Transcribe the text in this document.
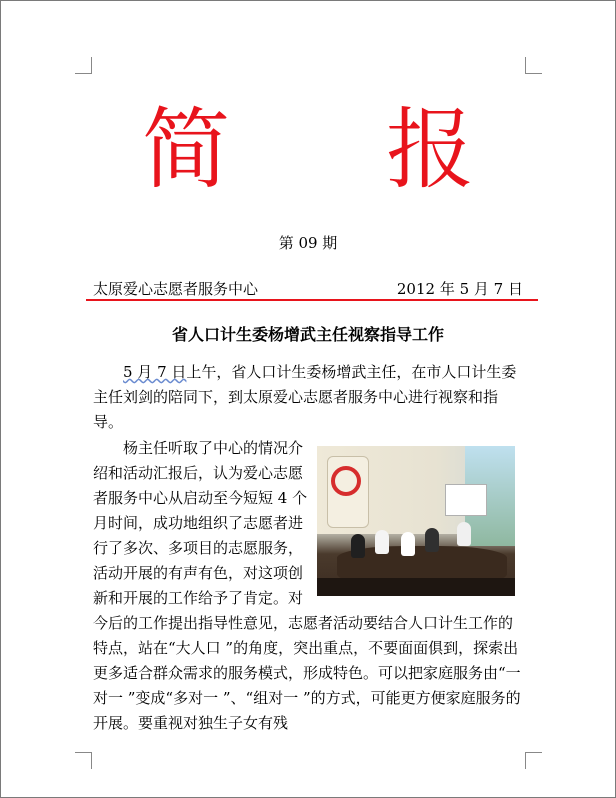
简 报
第 09 期
太原爱心志愿者服务中心	2012 年 5 月 7 日
省人口计生委杨增武主任视察指导工作

5 月 7 日上午，省人口计生委杨增武主任，在市人口计生委主任刘剑的陪同下，到太原爱心志愿者服务中心进行视察和指导。

杨主任听取了中心的情况介绍和活动汇报后，认为爱心志愿者服务中心从启动至今短短 4 个月时间，成功地组织了志愿者进行了多次、多项目的志愿服务，活动开展的有声有色，对这项创新和开展的工作给予了肯定。对今后的工作提出指导性意见，志愿者活动要结合人口计生工作的特点，站在“大人口 ”的角度，突出重点，不要面面俱到，探索出更多适合群众需求的服务模式，形成特色。可以把家庭服务由“一对一 ”变成“多对一 ”、“组对一 ”的方式，可能更方便家庭服务的开展。要重视对独生子女有残
